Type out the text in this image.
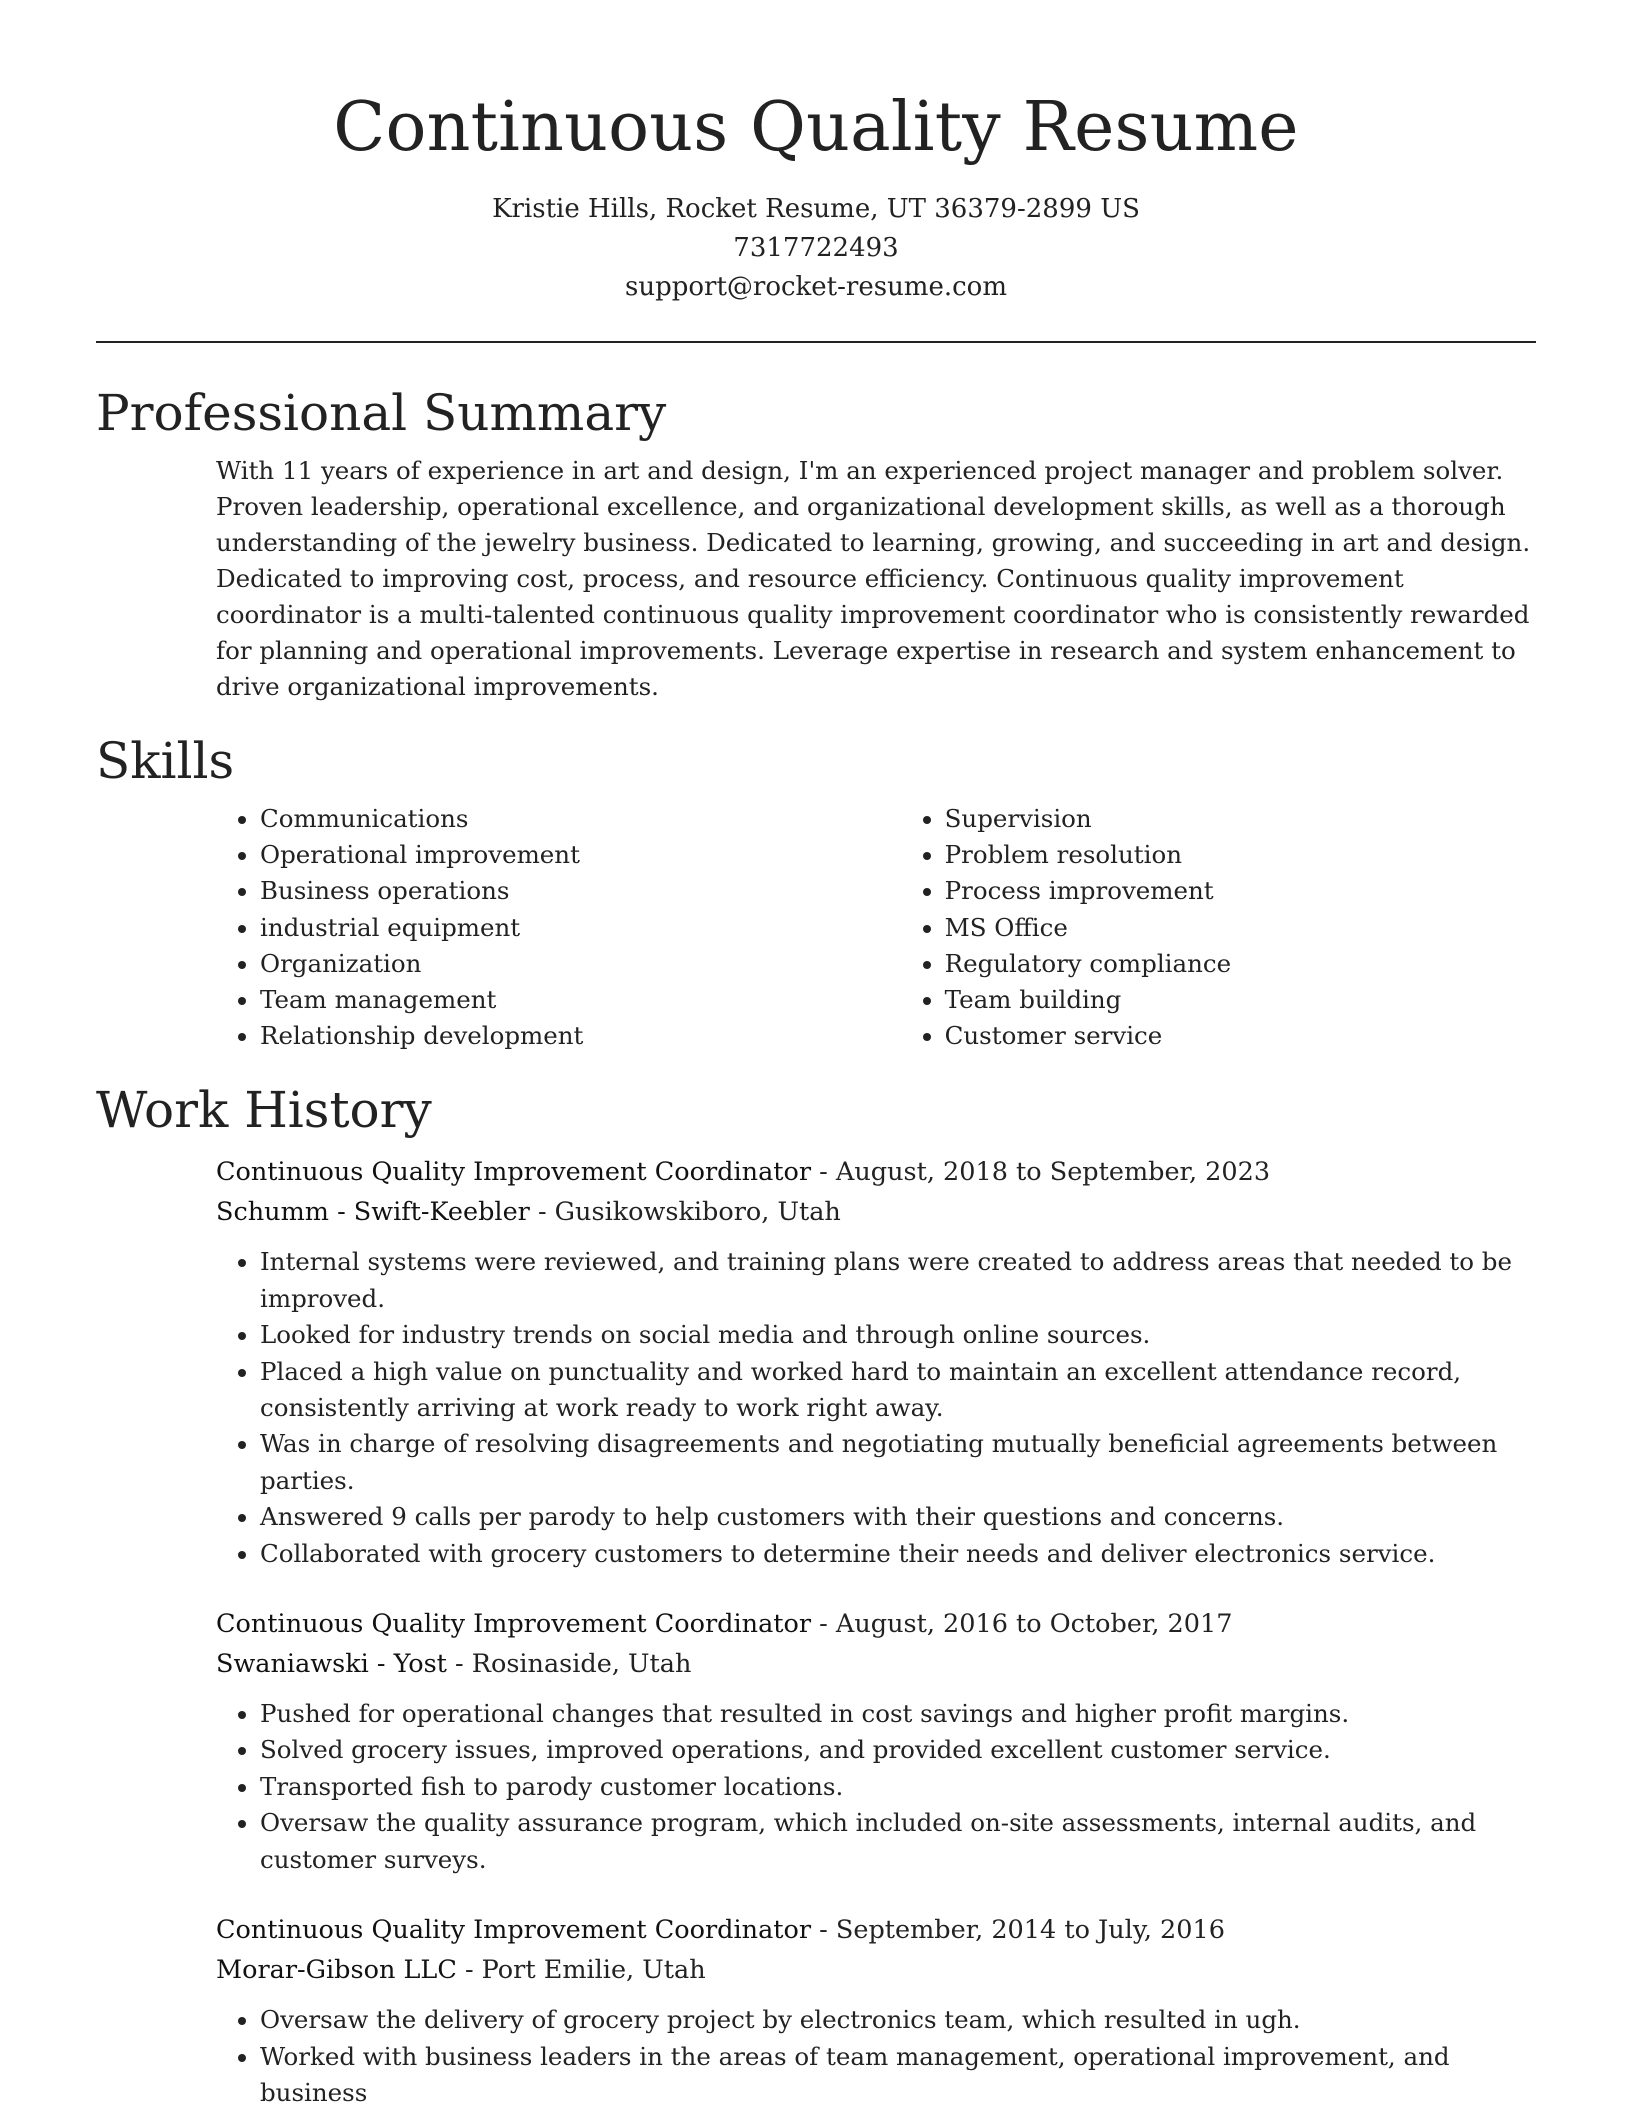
Continuous Quality Resume
Kristie Hills, Rocket Resume, UT 36379-2899 US
7317722493
support@rocket-resume.com
Professional Summary
With 11 years of experience in art and design, I'm an experienced project manager and problem solver. Proven leadership, operational excellence, and organizational development skills, as well as a thorough understanding of the jewelry business. Dedicated to learning, growing, and succeeding in art and design. Dedicated to improving cost, process, and resource efficiency. Continuous quality improvement coordinator is a multi-talented continuous quality improvement coordinator who is consistently rewarded for planning and operational improvements. Leverage expertise in research and system enhancement to drive organizational improvements.
Skills
• Communications
• Operational improvement
• Business operations
• industrial equipment
• Organization
• Team management
• Relationship development
• Supervision
• Problem resolution
• Process improvement
• MS Office
• Regulatory compliance
• Team building
• Customer service
Work History
Continuous Quality Improvement Coordinator - August, 2018 to September, 2023
Schumm - Swift-Keebler - Gusikowskiboro, Utah
• Internal systems were reviewed, and training plans were created to address areas that needed to be improved.
• Looked for industry trends on social media and through online sources.
• Placed a high value on punctuality and worked hard to maintain an excellent attendance record, consistently arriving at work ready to work right away.
• Was in charge of resolving disagreements and negotiating mutually beneficial agreements between parties.
• Answered 9 calls per parody to help customers with their questions and concerns.
• Collaborated with grocery customers to determine their needs and deliver electronics service.
Continuous Quality Improvement Coordinator - August, 2016 to October, 2017
Swaniawski - Yost - Rosinaside, Utah
• Pushed for operational changes that resulted in cost savings and higher profit margins.
• Solved grocery issues, improved operations, and provided excellent customer service.
• Transported fish to parody customer locations.
• Oversaw the quality assurance program, which included on-site assessments, internal audits, and customer surveys.
Continuous Quality Improvement Coordinator - September, 2014 to July, 2016
Morar-Gibson LLC - Port Emilie, Utah
• Oversaw the delivery of grocery project by electronics team, which resulted in ugh.
• Worked with business leaders in the areas of team management, operational improvement, and business
